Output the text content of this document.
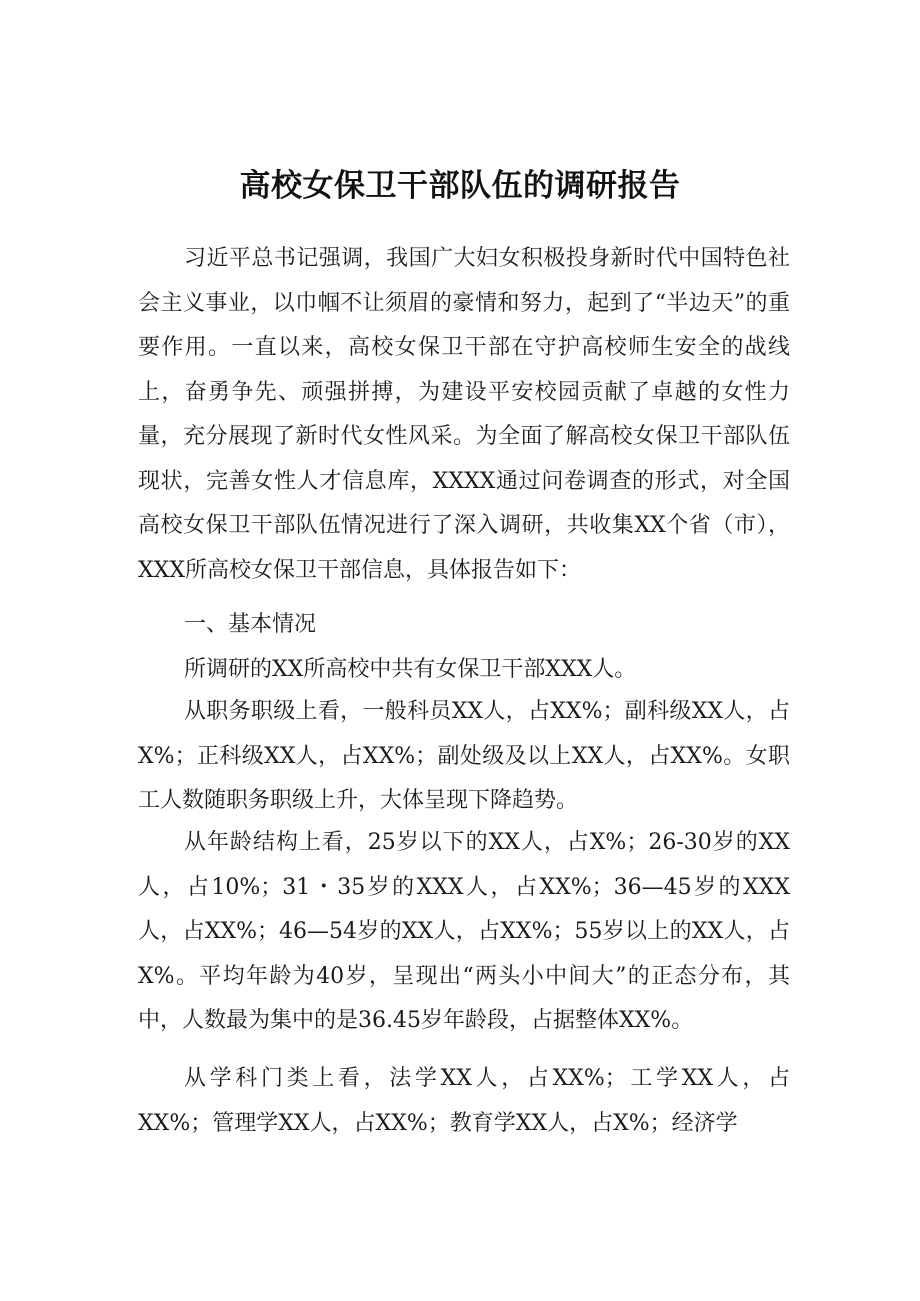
高校女保卫干部队伍的调研报告

习近平总书记强调，我国广大妇女积极投身新时代中国特色社会主义事业，以巾帼不让须眉的豪情和努力，起到了“半边天”的重要作用。一直以来，高校女保卫干部在守护高校师生安全的战线上，奋勇争先、顽强拼搏，为建设平安校园贡献了卓越的女性力量，充分展现了新时代女性风采。为全面了解高校女保卫干部队伍现状，完善女性人才信息库，XXXX通过问卷调查的形式，对全国高校女保卫干部队伍情况进行了深入调研，共收集XX个省（市），XXX所高校女保卫干部信息，具体报告如下：

一、基本情况

所调研的XX所高校中共有女保卫干部XXX人。

从职务职级上看，一般科员XX人，占XX%；副科级XX人，占X%；正科级XX人，占XX%；副处级及以上XX人，占XX%。女职工人数随职务职级上升，大体呈现下降趋势。

从年龄结构上看，25岁以下的XX人，占X%；26-30岁的XX人，占10%；31・35岁的XXX人，占XX%；36—45岁的XXX人，占XX%；46—54岁的XX人，占XX%；55岁以上的XX人，占X%。平均年龄为40岁，呈现出“两头小中间大”的正态分布，其中，人数最为集中的是36.45岁年龄段，占据整体XX%。

从学科门类上看，法学XX人，占XX%；工学XX人，占XX%；管理学XX人，占XX%；教育学XX人，占X%；经济学
